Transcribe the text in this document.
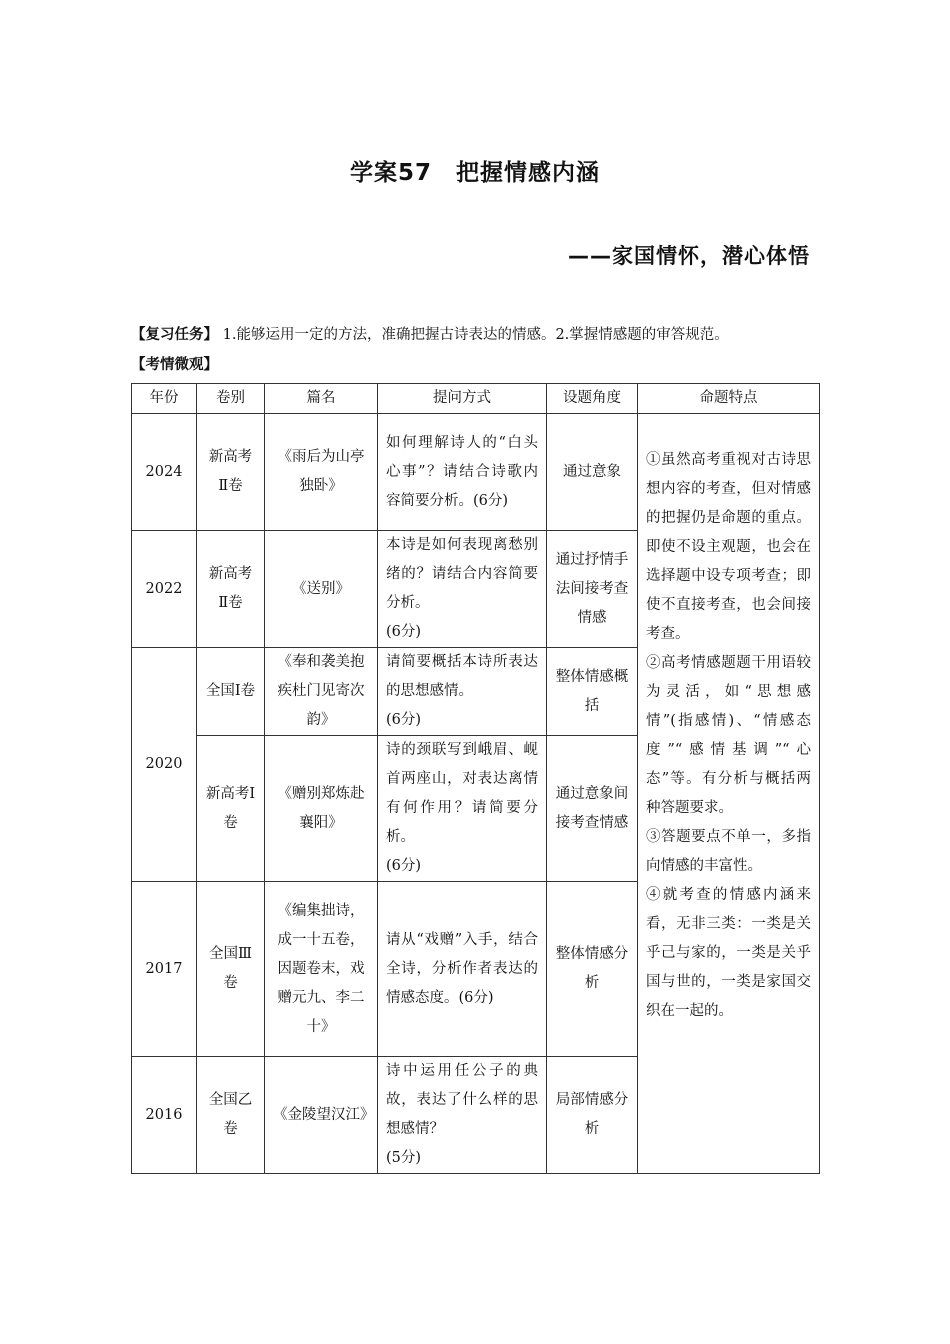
学案57　把握情感内涵
——家国情怀，潜心体悟
【复习任务】 1.能够运用一定的方法，准确把握古诗表达的情感。2.掌握情感题的审答规范。
【考情微观】
年份	卷别	篇名	提问方式	设题角度	命题特点
2024	新高考Ⅱ卷	《雨后为山亭独卧》	如何理解诗人的“白头心事”？请结合诗歌内容简要分析。(6分)	通过意象	①虽然高考重视对古诗思想内容的考查，但对情感的把握仍是命题的重点。即使不设主观题，也会在选择题中设专项考查；即使不直接考查，也会间接考查。
②高考情感题题干用语较为灵活，如“思想感情”(指感情)、“情感态度”“感情基调”“心态”等。有分析与概括两种答题要求。
③答题要点不单一，多指向情感的丰富性。
④就考查的情感内涵来看，无非三类：一类是关乎己与家的，一类是关乎国与世的，一类是家国交织在一起的。

2022	新高考Ⅱ卷	《送别》	本诗是如何表现离愁别绪的？请结合内容简要分析。
(6分)	通过抒情手法间接考查情感	
2020	全国Ⅰ卷	《奉和袭美抱疾杜门见寄次韵》	请简要概括本诗所表达的思想感情。
(6分)	整体情感概括	
	新高考Ⅰ卷	《赠别郑炼赴襄阳》	诗的颈联写到峨眉、岘首两座山，对表达离情有何作用？请简要分析。
(6分)	通过意象间接考查情感	
2017	全国Ⅲ卷	《编集拙诗，成一十五卷，因题卷末，戏赠元九、李二十》	请从“戏赠”入手，结合全诗，分析作者表达的情感态度。(6分)	整体情感分析	
2016	全国乙卷	《金陵望汉江》	诗中运用任公子的典故，表达了什么样的思想感情？
(5分)	局部情感分析	
